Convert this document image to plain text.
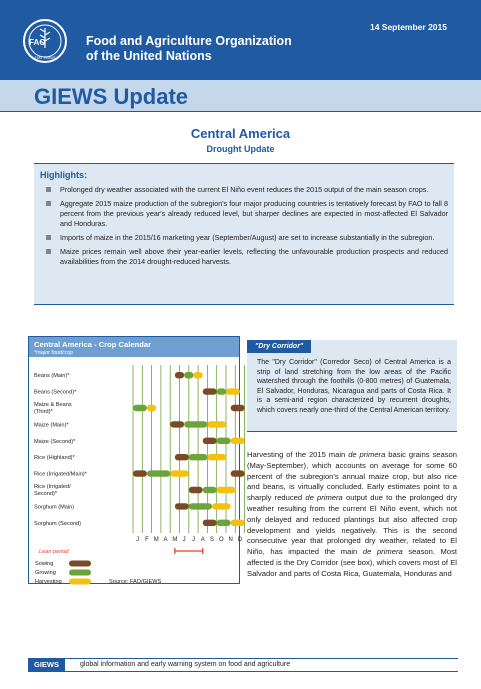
FAO
FIAT PANIS
Food and Agriculture Organization
of the United Nations
14 September 2015
GIEWS Update
Central America
Drought Update
Highlights:
Prolonged dry weather associated with the current El Niño event reduces the 2015 output of the main season crops.
Aggregate 2015 maize production of the subregion's four major producing countries is tentatively forecast by FAO to fall 8 percent from the previous year's already reduced level, but sharper declines are expected in most-affected El Salvador and Honduras.
Imports of maize in the 2015/16 marketing year (September/August) are set to increase substantially in the subregion.
Maize prices remain well above their year-earlier levels, reflecting the unfavourable production prospects and reduced availabilities from the 2014 drought-reduced harvests.
Central America - Crop Calendar
*major foodcrop
Beans (Main)*
Beans (Second)*
Maize & Beans
(Third)*
Maize (Main)*
Maize (Second)*
Rice (Highland)*
Rice (Irrigated/Main)*
Rice (Irrigated/
Second)*
Sorghum (Main)
Sorghum (Second)
J F M A M J J A S O N D
Lean period
Sowing
Growing
Harvesting	Source: FAO/GIEWS
"Dry Corridor"
The "Dry Corridor" (Corredor Seco) of Central America is a strip of land stretching from the low areas of the Pacific watershed through the foothills (0-800 metres) of Guatemala, El Salvador, Honduras, Nicaragua and parts of Costa Rica. It is a semi-arid region characterized by recurrent droughts, which covers nearly one-third of the Central American territory.
Harvesting of the 2015 main de primera basic grains season (May-September), which accounts on average for some 60 percent of the subregion's annual maize crop, but also rice and beans, is virtually concluded. Early estimates point to a sharply reduced de primera output due to the prolonged dry weather resulting from the current El Niño event, which not only delayed and reduced plantings but also affected crop development and yields negatively. This is the second consecutive year that prolonged dry weather, related to El Niño, has impacted the main de primera season. Most affected is the Dry Corridor (see box), which covers most of El Salvador and parts of Costa Rica, Guatemala, Honduras and
GIEWS	global information and early warning system on food and agriculture
